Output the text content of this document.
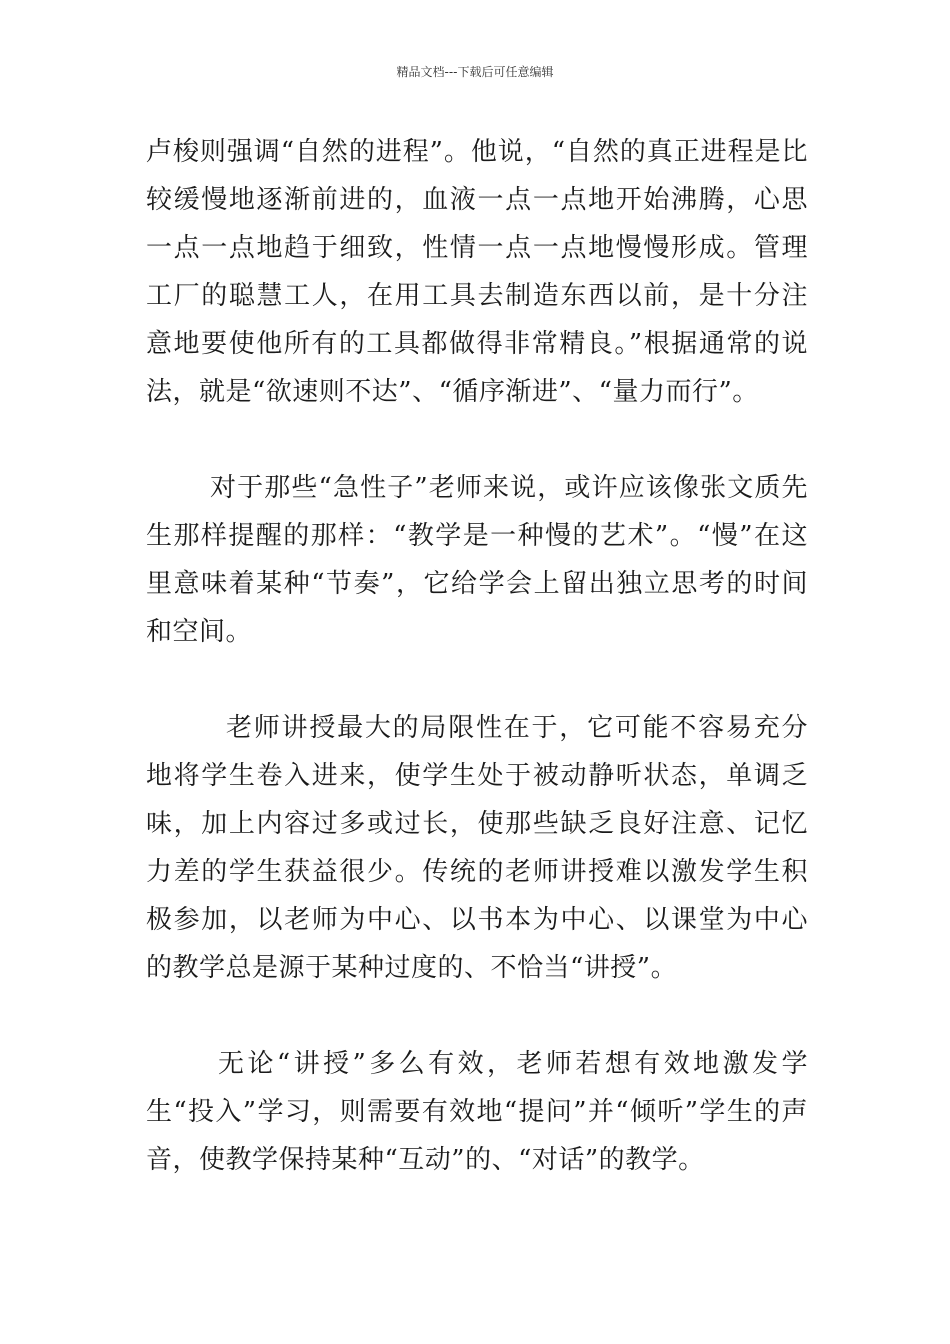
精品文档---下载后可任意编辑

卢梭则强调“自然的进程”。他说，“自然的真正进程是比较缓慢地逐渐前进的，血液一点一点地开始沸腾，心思一点一点地趋于细致，性情一点一点地慢慢形成。管理工厂的聪慧工人，在用工具去制造东西以前，是十分注意地要使他所有的工具都做得非常精良。”根据通常的说法，就是“欲速则不达”、“循序渐进”、“量力而行”。

对于那些“急性子”老师来说，或许应该像张文质先生那样提醒的那样：“教学是一种慢的艺术”。“慢”在这里意味着某种“节奏”，它给学会上留出独立思考的时间和空间。

老师讲授最大的局限性在于，它可能不容易充分地将学生卷入进来，使学生处于被动静听状态，单调乏味，加上内容过多或过长，使那些缺乏良好注意、记忆力差的学生获益很少。传统的老师讲授难以激发学生积极参加，以老师为中心、以书本为中心、以课堂为中心的教学总是源于某种过度的、不恰当“讲授”。

无论“讲授”多么有效，老师若想有效地激发学生“投入”学习，则需要有效地“提问”并“倾听”学生的声音，使教学保持某种“互动”的、“对话”的教学。
